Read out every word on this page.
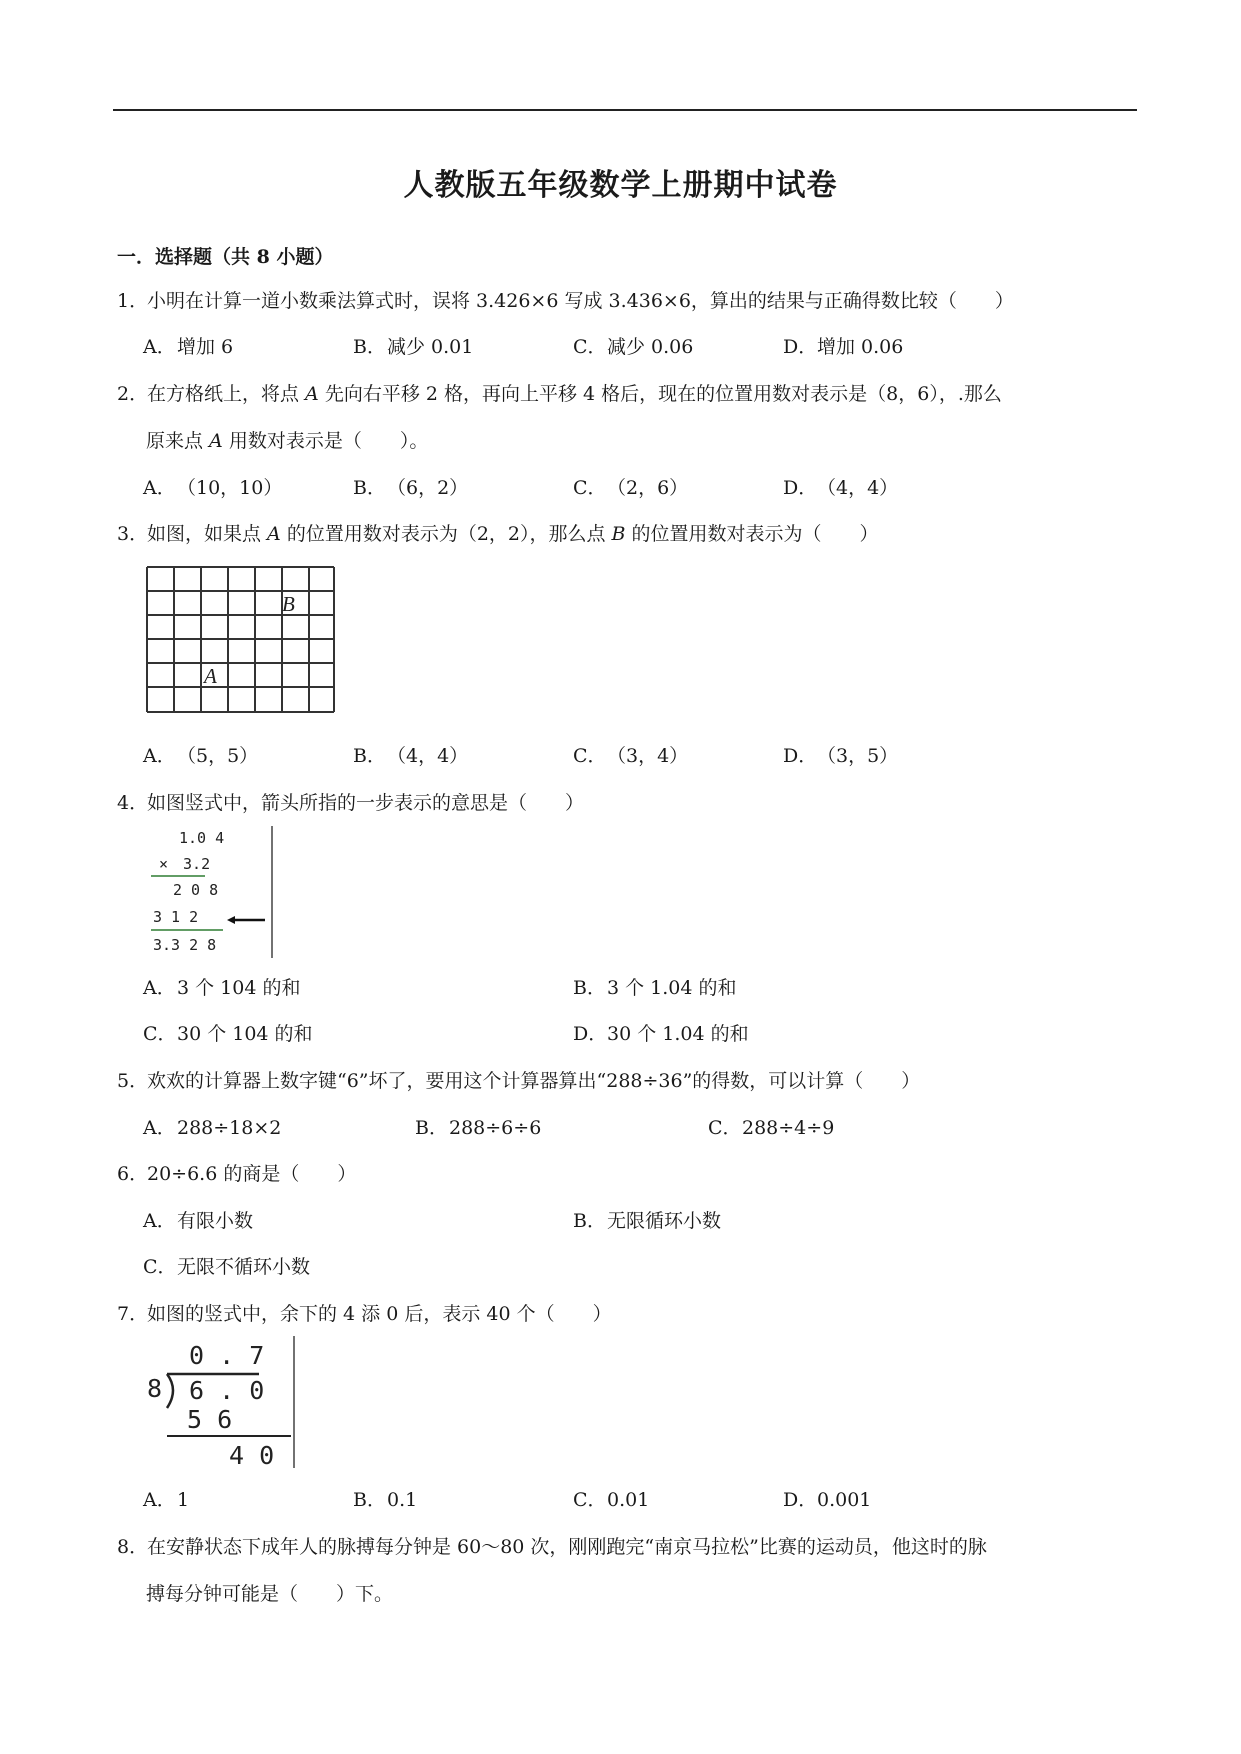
人教版五年级数学上册期中试卷
一．选择题（共 8 小题）
1．小明在计算一道小数乘法算式时，误将 3.426×6 写成 3.436×6，算出的结果与正确得数比较（　　）
A．增加 6	B．减少 0.01	C．减少 0.06	D．增加 0.06
2．在方格纸上，将点 A 先向右平移 2 格，再向上平移 4 格后，现在的位置用数对表示是（8，6），.那么
原来点 A 用数对表示是（　　）。
A．（10，10）	B．（6，2）	C．（2，6）	D．（4，4）
3．如图，如果点 A 的位置用数对表示为（2，2），那么点 B 的位置用数对表示为（　　）
B
A
A．（5，5）	B．（4，4）	C．（3，4）	D．（3，5）
4．如图竖式中，箭头所指的一步表示的意思是（　　）
1.0 4
×　3.2
2 0 8
3 1 2
3.3 2 8
A．3 个 104 的和	B．3 个 1.04 的和
C．30 个 104 的和	D．30 个 1.04 的和
5．欢欢的计算器上数字键“6”坏了，要用这个计算器算出“288÷36”的得数，可以计算（　　）
A．288÷18×2	B．288÷6÷6	C．288÷4÷9
6．20÷6.6 的商是（　　）
A．有限小数	B．无限循环小数
C．无限不循环小数
7．如图的竖式中，余下的 4 添 0 后，表示 40 个（　　）
0 . 7
8 6 . 0
5 6
4 0
A．1	B．0.1	C．0.01	D．0.001
8．在安静状态下成年人的脉搏每分钟是 60～80 次，刚刚跑完“南京马拉松”比赛的运动员，他这时的脉
搏每分钟可能是（　　）下。
